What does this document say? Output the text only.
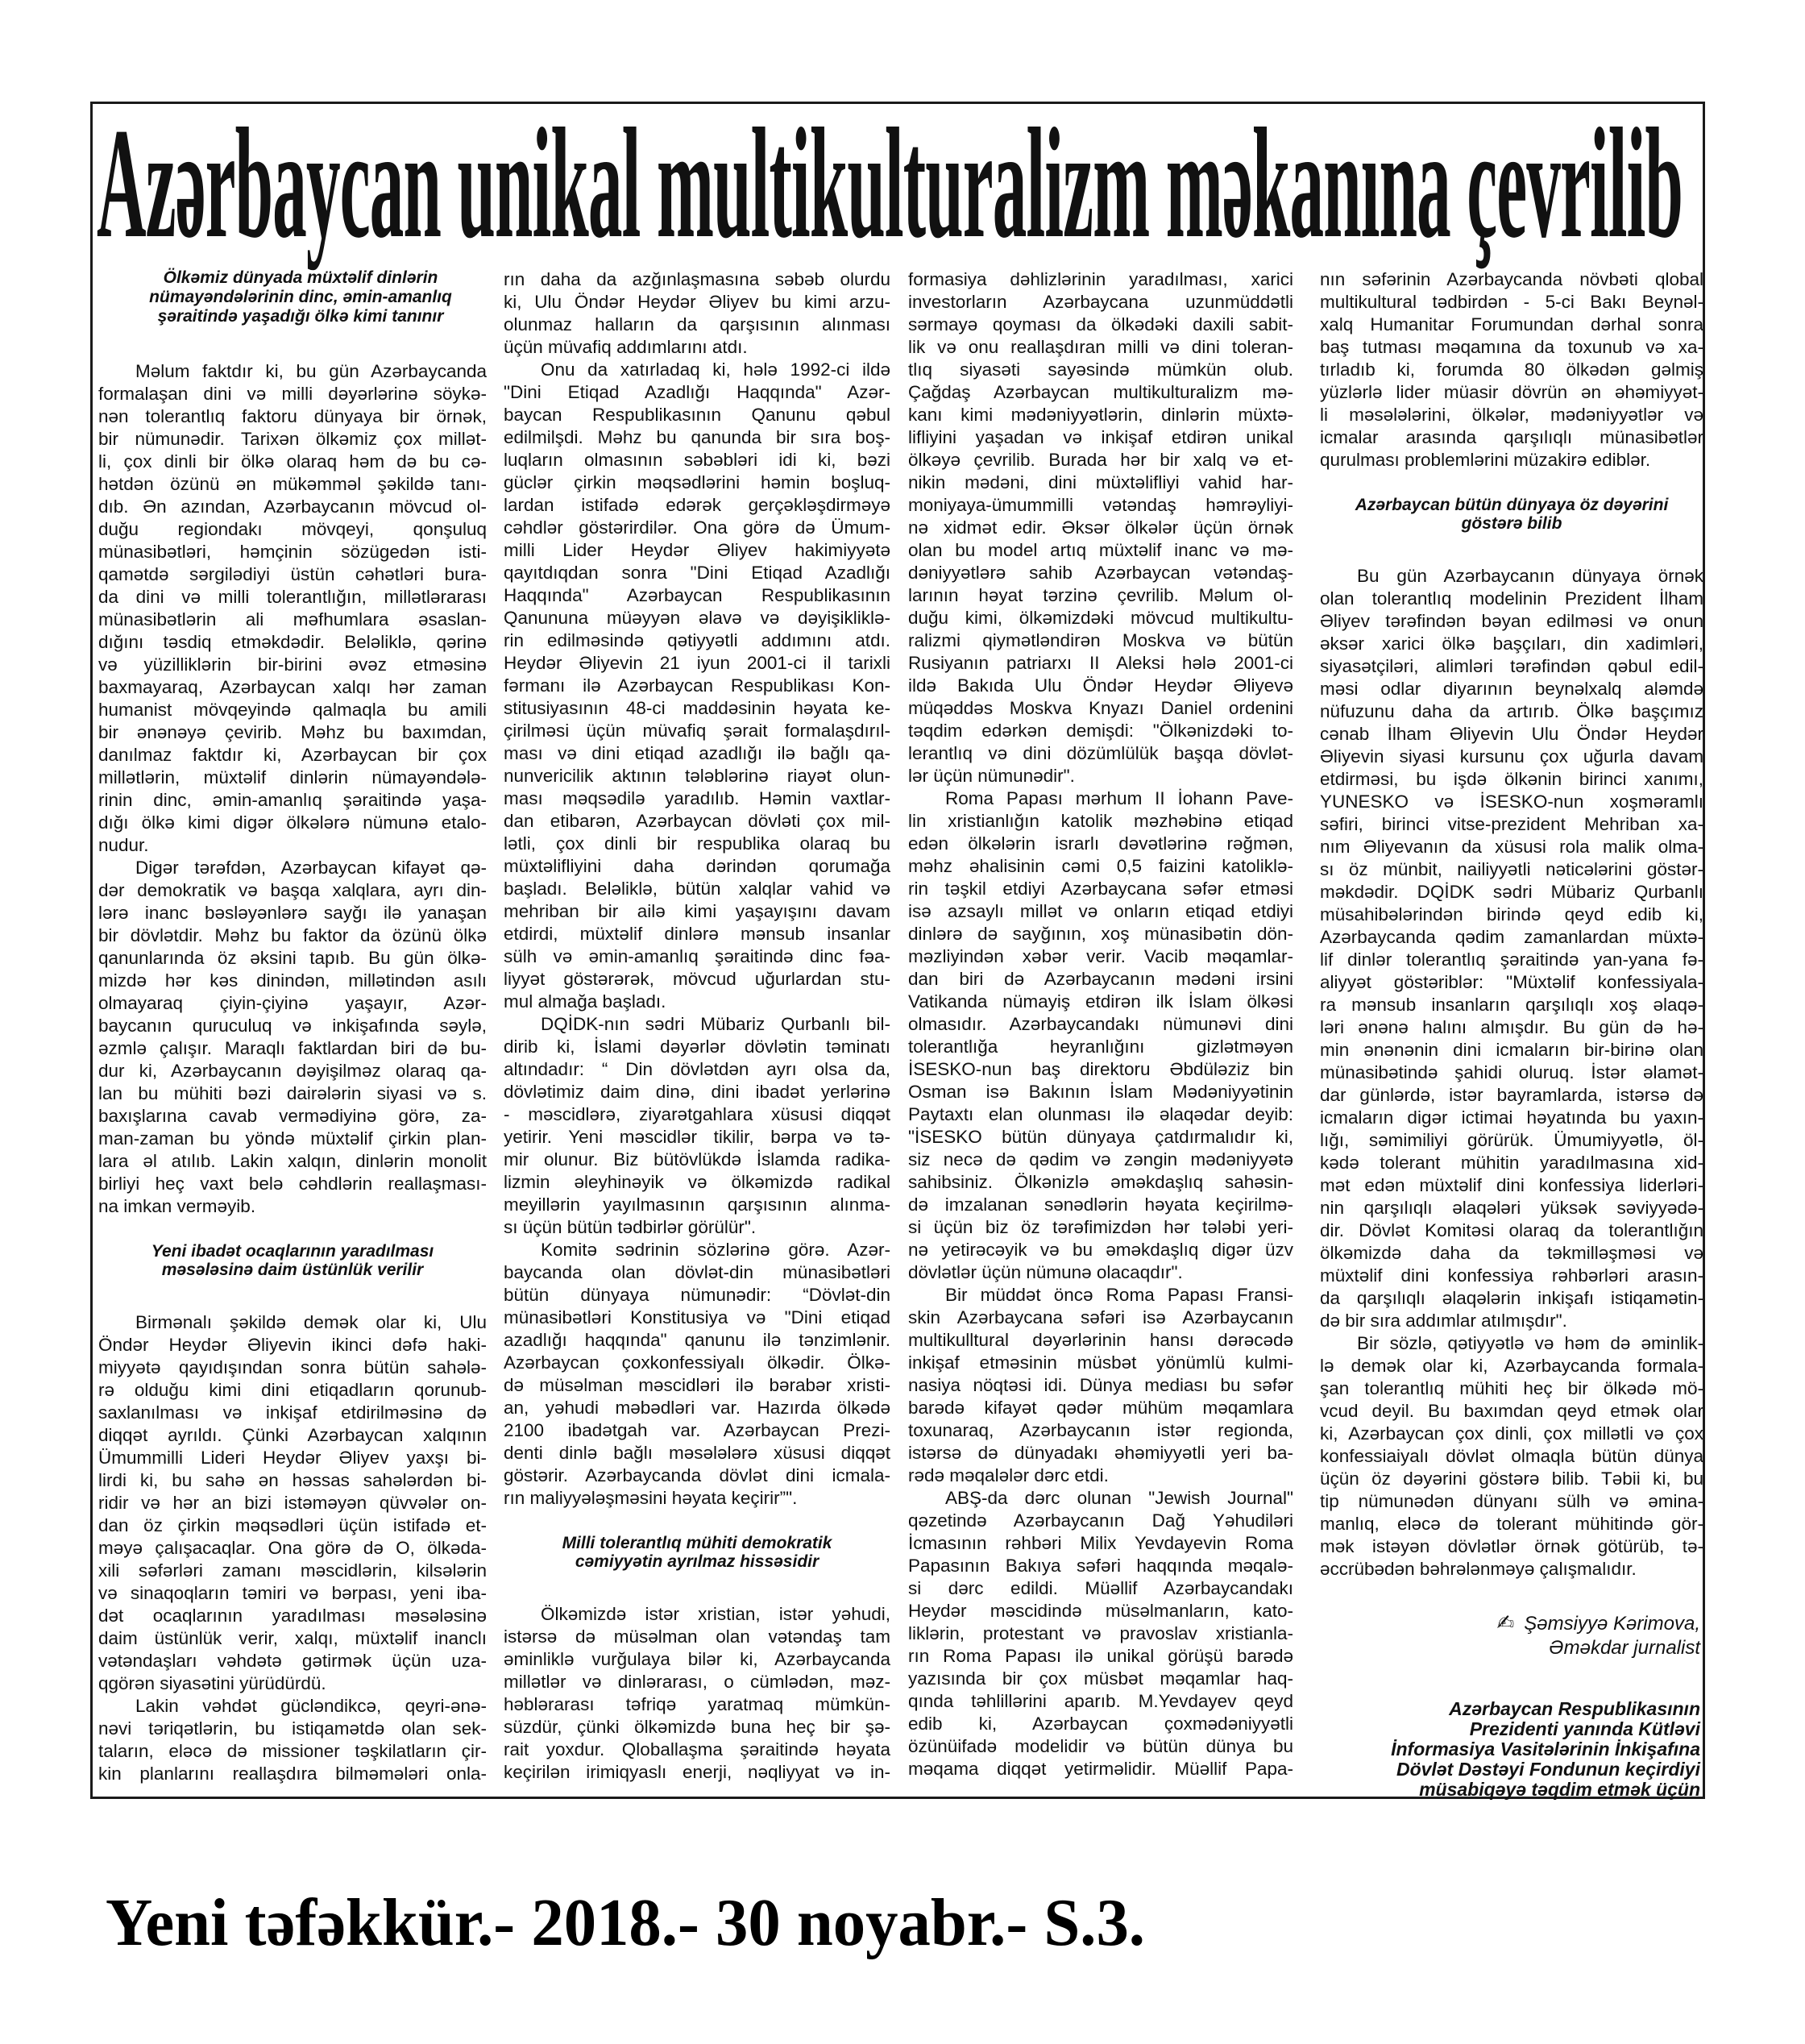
Azərbaycan unikal multikulturalizm məkanına çevrilib
Ölkəmiz dünyada müxtəlif dinlərin
nümayəndələrinin dinc, əmin-amanlıq
şəraitində yaşadığı ölkə kimi tanınır
Məlum faktdır ki, bu gün Azərbaycanda
formalaşan dini və milli dəyərlərinə söykə-
nən tolerantlıq faktoru dünyaya bir örnək,
bir nümunədir. Tarixən ölkəmiz çox millət-
li, çox dinli bir ölkə olaraq həm də bu cə-
hətdən özünü ən mükəmməl şəkildə tanı-
dıb. Ən azından, Azərbaycanın mövcud ol-
duğu regiondakı mövqeyi, qonşuluq
münasibətləri, həmçinin sözügedən isti-
qamətdə sərgilədiyi üstün cəhətləri bura-
da dini və milli tolerantlığın, millətlərarası
münasibətlərin ali məfhumlara əsaslan-
dığını təsdiq etməkdədir. Beləliklə, qərinə
və yüzilliklərin bir-birini əvəz etməsinə
baxmayaraq, Azərbaycan xalqı hər zaman
humanist mövqeyində qalmaqla bu amili
bir ənənəyə çevirib. Məhz bu baxımdan,
danılmaz faktdır ki, Azərbaycan bir çox
millətlərin, müxtəlif dinlərin nümayəndələ-
rinin dinc, əmin-amanlıq şəraitində yaşa-
dığı ölkə kimi digər ölkələrə nümunə etalo-
nudur.
Digər tərəfdən, Azərbaycan kifayət qə-
dər demokratik və başqa xalqlara, ayrı din-
lərə inanc bəsləyənlərə sayğı ilə yanaşan
bir dövlətdir. Məhz bu faktor da özünü ölkə
qanunlarında öz əksini tapıb. Bu gün ölkə-
mizdə hər kəs dinindən, millətindən asılı
olmayaraq çiyin-çiyinə yaşayır, Azər-
baycanın quruculuq və inkişafında səylə,
əzmlə çalışır. Maraqlı faktlardan biri də bu-
dur ki, Azərbaycanın dəyişilməz olaraq qa-
lan bu mühiti bəzi dairələrin siyasi və s.
baxışlarına cavab vermədiyinə görə, za-
man-zaman bu yöndə müxtəlif çirkin plan-
lara əl atılıb. Lakin xalqın, dinlərin monolit
birliyi heç vaxt belə cəhdlərin reallaşması-
na imkan verməyib.
Yeni ibadət ocaqlarının yaradılması
məsələsinə daim üstünlük verilir
Birmənalı şəkildə demək olar ki, Ulu
Öndər Heydər Əliyevin ikinci dəfə haki-
miyyətə qayıdışından sonra bütün sahələ-
rə olduğu kimi dini etiqadların qorunub-
saxlanılması və inkişaf etdirilməsinə də
diqqət ayrıldı. Çünki Azərbaycan xalqının
Ümummilli Lideri Heydər Əliyev yaxşı bi-
lirdi ki, bu sahə ən həssas sahələrdən bi-
ridir və hər an bizi istəməyən qüvvələr on-
dan öz çirkin məqsədləri üçün istifadə et-
məyə çalışacaqlar. Ona görə də O, ölkəda-
xili səfərləri zamanı məscidlərin, kilsələrin
və sinaqoqların təmiri və bərpası, yeni iba-
dət ocaqlarının yaradılması məsələsinə
daim üstünlük verir, xalqı, müxtəlif inanclı
vətəndaşları vəhdətə gətirmək üçün uza-
qgörən siyasətini yürüdürdü.
Lakin vəhdət gücləndikcə, qeyri-ənə-
nəvi təriqətlərin, bu istiqamətdə olan sek-
taların, eləcə də missioner təşkilatların çir-
kin planlarını reallaşdıra bilməmələri onla-
rın daha da azğınlaşmasına səbəb olurdu
ki, Ulu Öndər Heydər Əliyev bu kimi arzu-
olunmaz halların da qarşısının alınması
üçün müvafiq addımlarını atdı.
Onu da xatırladaq ki, hələ 1992-ci ildə
"Dini Etiqad Azadlığı Haqqında" Azər-
baycan Respublikasının Qanunu qəbul
edilmilşdi. Məhz bu qanunda bir sıra boş-
luqların olmasının səbəbləri idi ki, bəzi
güclər çirkin məqsədlərini həmin boşluq-
lardan istifadə edərək gerçəkləşdirməyə
cəhdlər göstərirdilər. Ona görə də Ümum-
milli Lider Heydər Əliyev hakimiyyətə
qayıtdıqdan sonra "Dini Etiqad Azadlığı
Haqqında" Azərbaycan Respublikasının
Qanununa müəyyən əlavə və dəyişikliklə-
rin edilməsində qətiyyətli addımını atdı.
Heydər Əliyevin 21 iyun 2001-ci il tarixli
fərmanı ilə Azərbaycan Respublikası Kon-
stitusiyasının 48-ci maddəsinin həyata ke-
çirilməsi üçün müvafiq şərait formalaşdırıl-
ması və dini etiqad azadlığı ilə bağlı qa-
nunvericilik aktının tələblərinə riayət olun-
ması məqsədilə yaradılıb. Həmin vaxtlar-
dan etibarən, Azərbaycan dövləti çox mil-
lətli, çox dinli bir respublika olaraq bu
müxtəlifliyini daha dərindən qorumağa
başladı. Beləliklə, bütün xalqlar vahid və
mehriban bir ailə kimi yaşayışını davam
etdirdi, müxtəlif dinlərə mənsub insanlar
sülh və əmin-amanlıq şəraitində dinc fəa-
liyyət göstərərək, mövcud uğurlardan stu-
mul almağa başladı.
DQİDK-nın sədri Mübariz Qurbanlı bil-
dirib ki, İslami dəyərlər dövlətin təminatı
altındadır: “ Din dövlətdən ayrı olsa da,
dövlətimiz daim dinə, dini ibadət yerlərinə
- məscidlərə, ziyarətgahlara xüsusi diqqət
yetirir. Yeni məscidlər tikilir, bərpa və tə-
mir olunur. Biz bütövlükdə İslamda radika-
lizmin əleyhinəyik və ölkəmizdə radikal
meyillərin yayılmasının qarşısının alınma-
sı üçün bütün tədbirlər görülür".
Komitə sədrinin sözlərinə görə. Azər-
baycanda olan dövlət-din münasibətləri
bütün dünyaya nümunədir: “Dövlət-din
münasibətləri Konstitusiya və "Dini etiqad
azadlığı haqqında" qanunu ilə tənzimlənir.
Azərbaycan çoxkonfessiyalı ölkədir. Ölkə-
də müsəlman məscidləri ilə bərabər xristi-
an, yəhudi məbədləri var. Hazırda ölkədə
2100 ibadətgah var. Azərbaycan Prezi-
denti dinlə bağlı məsələlərə xüsusi diqqət
göstərir. Azərbaycanda dövlət dini icmala-
rın maliyyələşməsini həyata keçirir”".
Milli tolerantlıq mühiti demokratik
cəmiyyətin ayrılmaz hissəsidir
Ölkəmizdə istər xristian, istər yəhudi,
istərsə də müsəlman olan vətəndaş tam
əminliklə vurğulaya bilər ki, Azərbaycanda
millətlər və dinlərarası, o cümlədən, məz-
həblərarası təfriqə yaratmaq mümkün-
süzdür, çünki ölkəmizdə buna heç bir şə-
rait yoxdur. Qloballaşma şəraitində həyata
keçirilən irimiqyaslı enerji, nəqliyyat və in-
formasiya dəhlizlərinin yaradılması, xarici
investorların Azərbaycana uzunmüddətli
sərmayə qoyması da ölkədəki daxili sabit-
lik və onu reallaşdıran milli və dini toleran-
tlıq siyasəti sayəsində mümkün olub.
Çağdaş Azərbaycan multikulturalizm mə-
kanı kimi mədəniyyətlərin, dinlərin müxtə-
lifliyini yaşadan və inkişaf etdirən unikal
ölkəyə çevrilib. Burada hər bir xalq və et-
nikin mədəni, dini müxtəlifliyi vahid har-
moniyaya-ümummilli vətəndaş həmrəyliyi-
nə xidmət edir. Əksər ölkələr üçün örnək
olan bu model artıq müxtəlif inanc və mə-
dəniyyətlərə sahib Azərbaycan vətəndaş-
larının həyat tərzinə çevrilib. Məlum ol-
duğu kimi, ölkəmizdəki mövcud multikultu-
ralizmi qiymətləndirən Moskva və bütün
Rusiyanın patriarxı II Aleksi hələ 2001-ci
ildə Bakıda Ulu Öndər Heydər Əliyevə
müqəddəs Moskva Knyazı Daniel ordenini
təqdim edərkən demişdi: "Ölkənizdəki to-
lerantlıq və dini dözümlülük başqa dövlət-
lər üçün nümunədir".
Roma Papası mərhum II İohann Pave-
lin xristianlığın katolik məzhəbinə etiqad
edən ölkələrin israrlı dəvətlərinə rəğmən,
məhz əhalisinin cəmi 0,5 faizini katoliklə-
rin təşkil etdiyi Azərbaycana səfər etməsi
isə azsaylı millət və onların etiqad etdiyi
dinlərə də sayğının, xoş münasibətin dön-
məzliyindən xəbər verir. Vacib məqamlar-
dan biri də Azərbaycanın mədəni irsini
Vatikanda nümayiş etdirən ilk İslam ölkəsi
olmasıdır. Azərbaycandakı nümunəvi dini
tolerantlığa heyranlığını gizlətməyən
İSESKO-nun baş direktoru Əbdüləziz bin
Osman isə Bakının İslam Mədəniyyətinin
Paytaxtı elan olunması ilə əlaqədar deyib:
"İSESKO bütün dünyaya çatdırmalıdır ki,
siz necə də qədim və zəngin mədəniyyətə
sahibsiniz. Ölkənizlə əməkdaşlıq sahəsin-
də imzalanan sənədlərin həyata keçirilmə-
si üçün biz öz tərəfimizdən hər tələbi yeri-
nə yetirəcəyik və bu əməkdaşlıq digər üzv
dövlətlər üçün nümunə olacaqdır".
Bir müddət öncə Roma Papası Fransi-
skin Azərbaycana səfəri isə Azərbaycanın
multikulltural dəyərlərinin hansı dərəcədə
inkişaf etməsinin müsbət yönümlü kulmi-
nasiya nöqtəsi idi. Dünya mediası bu səfər
barədə kifayət qədər mühüm məqamlara
toxunaraq, Azərbaycanın istər regionda,
istərsə də dünyadakı əhəmiyyətli yeri ba-
rədə məqalələr dərc etdi.
ABŞ-da dərc olunan "Jewish Journal"
qəzetində Azərbaycanın Dağ Yəhudiləri
İcmasının rəhbəri Milix Yevdayevin Roma
Papasının Bakıya səfəri haqqında məqalə-
si dərc edildi. Müəllif Azərbaycandakı
Heydər məscidində müsəlmanların, kato-
liklərin, protestant və pravoslav xristianla-
rın Roma Papası ilə unikal görüşü barədə
yazısında bir çox müsbət məqamlar haq-
qında təhlillərini aparıb. M.Yevdayev qeyd
edib ki, Azərbaycan çoxmədəniyyətli
özünüifadə modelidir və bütün dünya bu
məqama diqqət yetirməlidir. Müəllif Papa-
nın səfərinin Azərbaycanda növbəti qlobal
multikultural tədbirdən - 5-ci Bakı Beynəl-
xalq Humanitar Forumundan dərhal sonra
baş tutması məqamına da toxunub və xa-
tırladıb ki, forumda 80 ölkədən gəlmiş
yüzlərlə lider müasir dövrün ən əhəmiyyət-
li məsələlərini, ölkələr, mədəniyyətlər və
icmalar arasında qarşılıqlı münasibətlər
qurulması problemlərini müzakirə ediblər.
Azərbaycan bütün dünyaya öz dəyərini
göstərə bilib
Bu gün Azərbaycanın dünyaya örnək
olan tolerantlıq modelinin Prezident İlham
Əliyev tərəfindən bəyan edilməsi və onun
əksər xarici ölkə başçıları, din xadimləri,
siyasətçiləri, alimləri tərəfindən qəbul edil-
məsi odlar diyarının beynəlxalq aləmdə
nüfuzunu daha da artırıb. Ölkə başçımız
cənab İlham Əliyevin Ulu Öndər Heydər
Əliyevin siyasi kursunu çox uğurla davam
etdirməsi, bu işdə ölkənin birinci xanımı,
YUNESKO və İSESKO-nun xoşməramlı
səfiri, birinci vitse-prezident Mehriban xa-
nım Əliyevanın da xüsusi rola malik olma-
sı öz münbit, nailiyyətli nəticələrini göstər-
məkdədir. DQİDK sədri Mübariz Qurbanlı
müsahibələrindən birində qeyd edib ki,
Azərbaycanda qədim zamanlardan müxtə-
lif dinlər tolerantlıq şəraitində yan-yana fə-
aliyyət göstəriblər: "Müxtəlif konfessiyala-
ra mənsub insanların qarşılıqlı xoş əlaqə-
ləri ənənə halını almışdır. Bu gün də hə-
min ənənənin dini icmaların bir-birinə olan
münasibətində şahidi oluruq. İstər əlamət-
dar günlərdə, istər bayramlarda, istərsə də
icmaların digər ictimai həyatında bu yaxın-
lığı, səmimiliyi görürük. Ümumiyyətlə, öl-
kədə tolerant mühitin yaradılmasına xid-
mət edən müxtəlif dini konfessiya liderləri-
nin qarşılıqlı əlaqələri yüksək səviyyədə-
dir. Dövlət Komitəsi olaraq da tolerantlığın
ölkəmizdə daha da təkmilləşməsi və
müxtəlif dini konfessiya rəhbərləri arasın-
da qarşılıqlı əlaqələrin inkişafı istiqamətin-
də bir sıra addımlar atılmışdır".
Bir sözlə, qətiyyətlə və həm də əminlik-
lə demək olar ki, Azərbaycanda formala-
şan tolerantlıq mühiti heç bir ölkədə mö-
vcud deyil. Bu baxımdan qeyd etmək olar
ki, Azərbaycan çox dinli, çox millətli və çox
konfessiaiyalı dövlət olmaqla bütün dünya
üçün öz dəyərini göstərə bilib. Təbii ki, bu
tip nümunədən dünyanı sülh və əmina-
manlıq, eləcə də tolerant mühitində gör-
mək istəyən dövlətlər örnək götürüb, tə-
əccrübədən bəhrələnməyə çalışmalıdır.
✍ Şəmsiyyə Kərimova,
Əməkdar jurnalist
Azərbaycan Respublikasının
Prezidenti yanında Kütləvi
İnformasiya Vasitələrinin İnkişafına
Dövlət Dəstəyi Fondunun keçirdiyi
müsabiqəyə təqdim etmək üçün
Yeni təfəkkür.- 2018.- 30 noyabr.- S.3.
